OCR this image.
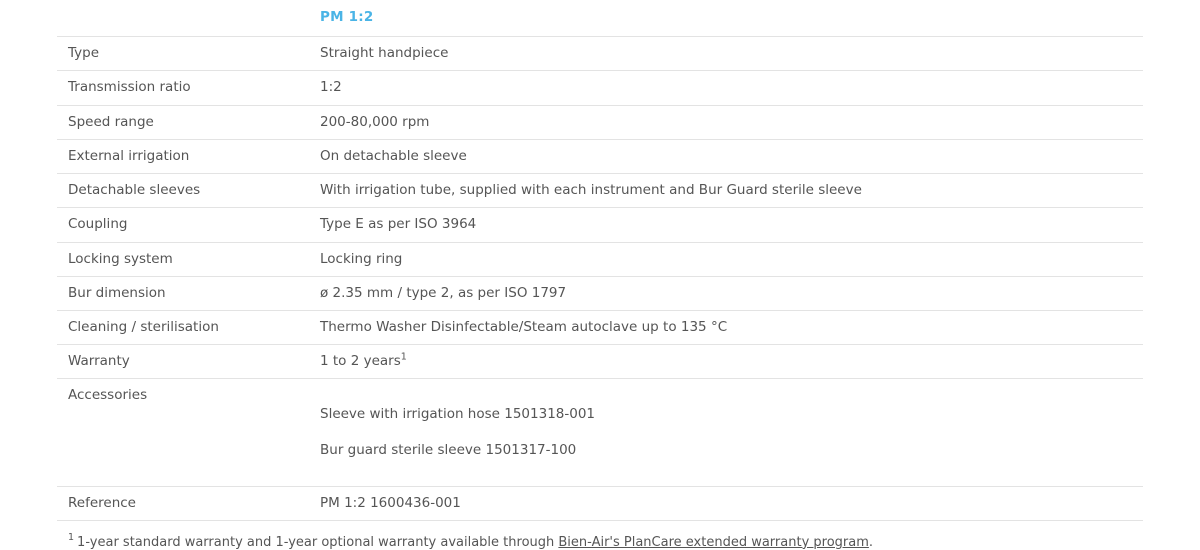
	PM 1:2
Type	Straight handpiece
Transmission ratio	1:2
Speed range	200-80,000 rpm
External irrigation	On detachable sleeve
Detachable sleeves	With irrigation tube, supplied with each instrument and Bur Guard sterile sleeve
Coupling	Type E as per ISO 3964
Locking system	Locking ring
Bur dimension	ø 2.35 mm / type 2, as per ISO 1797
Cleaning / sterilisation	Thermo Washer Disinfectable/Steam autoclave up to 135 °C
Warranty	1 to 2 years$^1$
Accessories	Sleeve with irrigation hose 1501318-001

Bur guard sterile sleeve 1501317-100

Reference	PM 1:2 1600436-001
$^1$ 1-year standard warranty and 1-year optional warranty available through Bien-Air's PlanCare extended warranty program.
